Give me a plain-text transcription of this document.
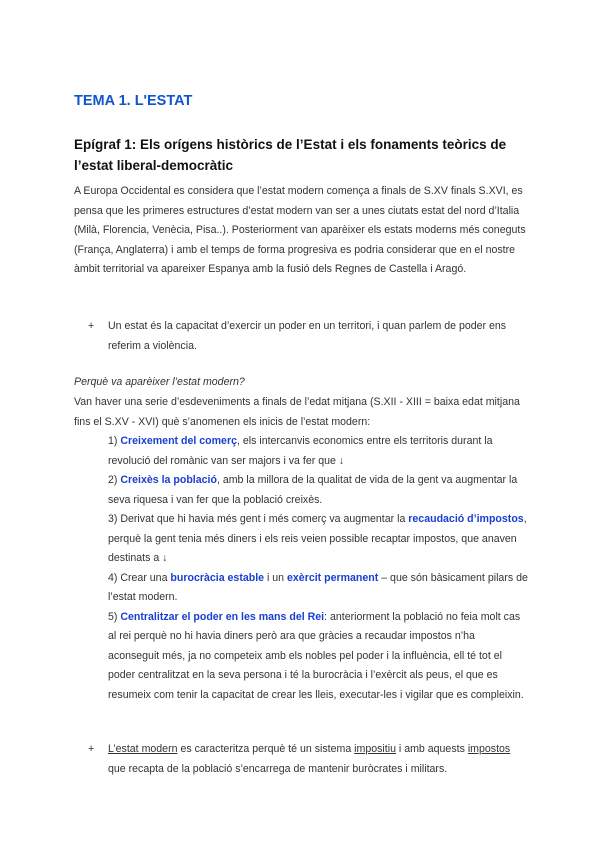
TEMA 1. L'ESTAT
Epígraf 1: Els orígens històrics de l’Estat i els fonaments teòrics de l’estat liberal-democràtic
A Europa Occidental es considera que l’estat modern comença a finals de S.XV finals S.XVI, es pensa que les primeres estructures d’estat modern van ser a unes ciutats estat del nord d’Italia (Milà, Florencia, Venècia, Pisa..). Posteriorment van aparèixer els estats moderns més coneguts (França, Anglaterra) i amb el temps de forma progresiva es podria considerar que en el nostre àmbit territorial va apareixer Espanya amb la fusió dels Regnes de Castella i Aragó.
+ Un estat és la capacitat d’exercir un poder en un territori, i quan parlem de poder ens referim a violència.
Perquè va aparèixer l’estat modern?
Van haver una serie d’esdeveniments a finals de l’edat mitjana (S.XII - XIII = baixa edat mitjana fins el S.XV - XVI) què s’anomenen els inicis de l’estat modern:

1) Creixement del comerç, els intercanvis economics entre els territoris durant la revolució del romànic van ser majors i va fer que ↓

2) Creixès la població, amb la millora de la qualitat de vida de la gent va augmentar la seva riquesa i van fer que la població creixès.

3) Derivat que hi havia més gent i més comerç va augmentar la recaudació d’impostos, perquè la gent tenia més diners i els reis veien possible recaptar impostos, que anaven destinats a ↓

4) Crear una burocràcia estable i un exèrcit permanent – que són bàsicament pilars de l’estat modern.

5) Centralitzar el poder en les mans del Rei: anteriorment la població no feia molt cas al rei perquè no hi havia diners però ara que gràcies a recaudar impostos n’ha aconseguit més, ja no competeix amb els nobles pel poder i la influència, ell té tot el poder centralitzat en la seva persona i té la burocràcia i l’exèrcit als peus, el que es resumeix com tenir la capacitat de crear les lleis, executar-les i vigilar que es compleixin.

+ L’estat modern es caracteritza perquè té un sistema impositiu i amb aquests impostos que recapta de la població s’encarrega de mantenir buròcrates i militars.
